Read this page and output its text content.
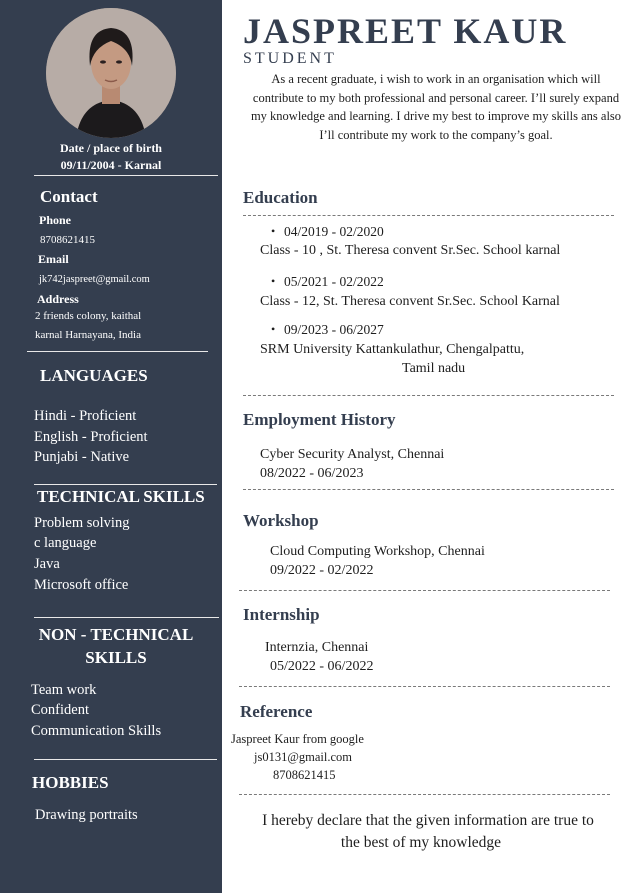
Date / place of birth
09/11/2004 - Karnal
Contact
Phone
8708621415
Email
jk742jaspreet@gmail.com
Address
2 friends colony, kaithal
karnal Harnayana, India
LANGUAGES
Hindi - Proficient
English - Proficient
Punjabi - Native
TECHNICAL SKILLS
Problem solving
c language
Java
Microsoft office
NON - TECHNICAL
SKILLS
Team work
Confident
Communication Skills
HOBBIES
Drawing portraits
JASPREET KAUR
STUDENT
As a recent graduate, i wish to work in an organisation which will contribute to my both professional and personal career. I’ll surely expand my knowledge and learning. I drive my best to improve my skills ans also I’ll contribute my work to the company’s goal.
Education
• 04/2019 - 02/2020
Class - 10 , St. Theresa convent Sr.Sec. School karnal
• 05/2021 - 02/2022
Class - 12, St. Theresa convent Sr.Sec. School Karnal
• 09/2023 - 06/2027
SRM University Kattankulathur, Chengalpattu,
Tamil nadu
Employment History
Cyber Security Analyst, Chennai
08/2022 - 06/2023
Workshop
Cloud Computing Workshop, Chennai
09/2022 - 02/2022
Internship
Internzia, Chennai
05/2022 - 06/2022
Reference
Jaspreet Kaur from google
js0131@gmail.com
8708621415
I hereby declare that the given information are true to
the best of my knowledge
